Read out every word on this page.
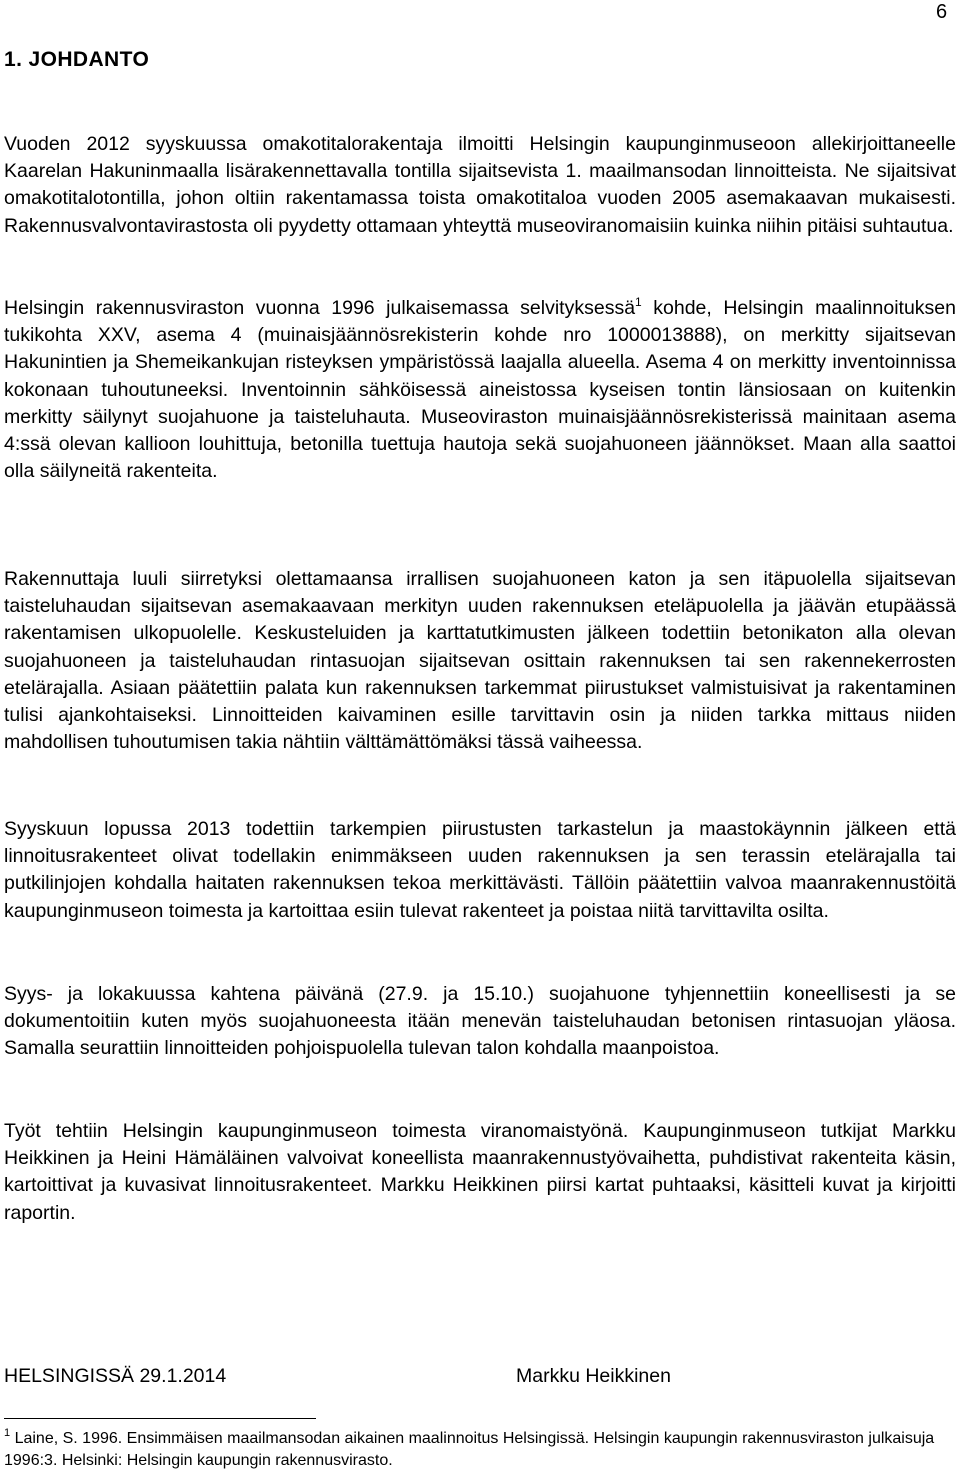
6
1. JOHDANTO

Vuoden 2012 syyskuussa omakotitalorakentaja ilmoitti Helsingin kaupunginmuseoon allekirjoittaneelle Kaarelan Hakuninmaalla lisärakennettavalla tontilla sijaitsevista 1. maailmansodan linnoitteista. Ne sijaitsivat omakotitalotontilla, johon oltiin rakentamassa toista omakotitaloa vuoden 2005 asemakaavan mukaisesti. Rakennusvalvontavirastosta oli pyydetty ottamaan yhteyttä museoviranomaisiin kuinka niihin pitäisi suhtautua.

Helsingin rakennusviraston vuonna 1996 julkaisemassa selvityksessä$^1$ kohde, Helsingin maalinnoituksen tukikohta XXV, asema 4 (muinaisjäännösrekisterin kohde nro 1000013888), on merkitty sijaitsevan Hakunintien ja Shemeikankujan risteyksen ympäristössä laajalla alueella. Asema 4 on merkitty inventoinnissa kokonaan tuhoutuneeksi. Inventoinnin sähköisessä aineistossa kyseisen tontin länsiosaan on kuitenkin merkitty säilynyt suojahuone ja taisteluhauta. Museoviraston muinaisjäännösrekisterissä mainitaan asema 4:ssä olevan kallioon louhittuja, betonilla tuettuja hautoja sekä suojahuoneen jäännökset. Maan alla saattoi olla säilyneitä rakenteita.

Rakennuttaja luuli siirretyksi olettamaansa irrallisen suojahuoneen katon ja sen itäpuolella sijaitsevan taisteluhaudan sijaitsevan asemakaavaan merkityn uuden rakennuksen eteläpuolella ja jäävän etupäässä rakentamisen ulkopuolelle. Keskusteluiden ja karttatutkimusten jälkeen todettiin betonikaton alla olevan suojahuoneen ja taisteluhaudan rintasuojan sijaitsevan osittain rakennuksen tai sen rakennekerrosten etelärajalla. Asiaan päätettiin palata kun rakennuksen tarkemmat piirustukset valmistuisivat ja rakentaminen tulisi ajankohtaiseksi. Linnoitteiden kaivaminen esille tarvittavin osin ja niiden tarkka mittaus niiden mahdollisen tuhoutumisen takia nähtiin välttämättömäksi tässä vaiheessa.

Syyskuun lopussa 2013 todettiin tarkempien piirustusten tarkastelun ja maastokäynnin jälkeen että linnoitusrakenteet olivat todellakin enimmäkseen uuden rakennuksen ja sen terassin etelärajalla tai putkilinjojen kohdalla haitaten rakennuksen tekoa merkittävästi. Tällöin päätettiin valvoa maanrakennustöitä kaupunginmuseon toimesta ja kartoittaa esiin tulevat rakenteet ja poistaa niitä tarvittavilta osilta.

Syys- ja lokakuussa kahtena päivänä (27.9. ja 15.10.) suojahuone tyhjennettiin koneellisesti ja se dokumentoitiin kuten myös suojahuoneesta itään menevän taisteluhaudan betonisen rintasuojan yläosa. Samalla seurattiin linnoitteiden pohjoispuolella tulevan talon kohdalla maanpoistoa.

Työt tehtiin Helsingin kaupunginmuseon toimesta viranomaistyönä. Kaupunginmuseon tutkijat Markku Heikkinen ja Heini Hämäläinen valvoivat koneellista maanrakennustyövaihetta, puhdistivat rakenteita käsin, kartoittivat ja kuvasivat linnoitusrakenteet. Markku Heikkinen piirsi kartat puhtaaksi, käsitteli kuvat ja kirjoitti raportin.

HELSINGISSÄ 29.1.2014	Markku Heikkinen
$^1$ Laine, S. 1996. Ensimmäisen maailmansodan aikainen maalinnoitus Helsingissä. Helsingin kaupungin rakennusviraston julkaisuja 1996:3. Helsinki: Helsingin kaupungin rakennusvirasto.
